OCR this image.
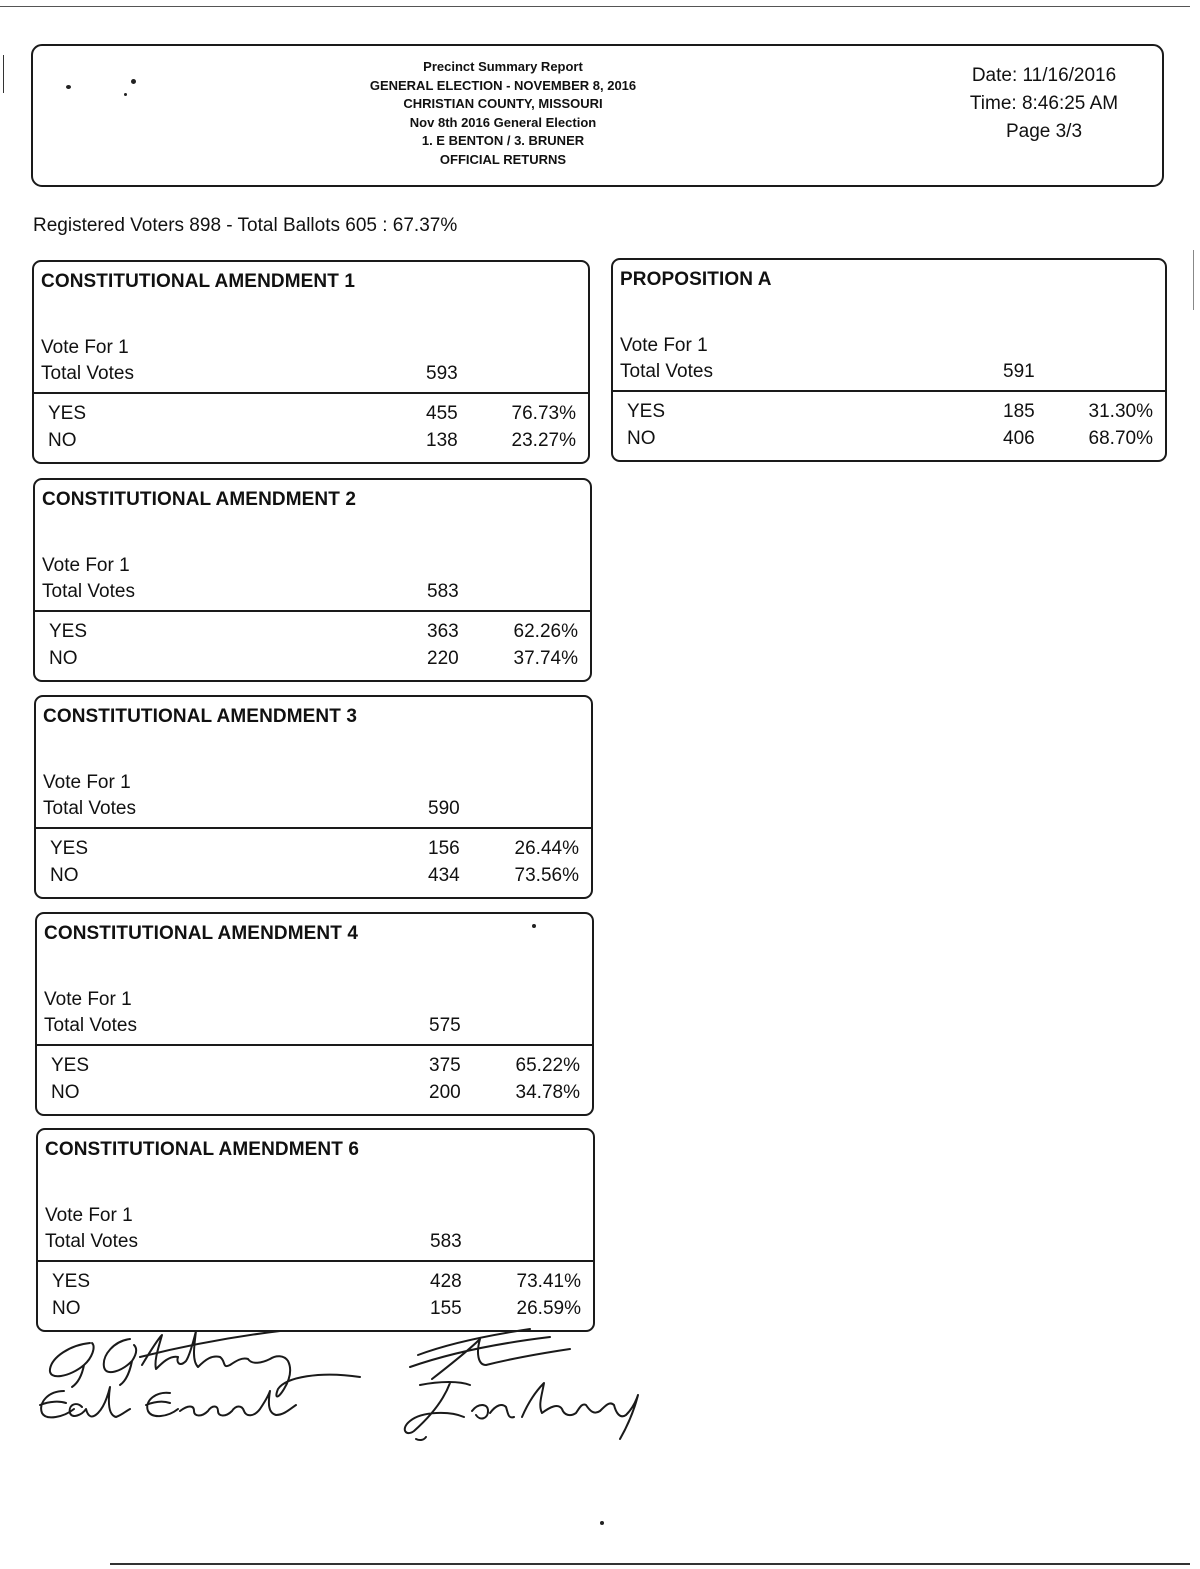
Precinct Summary Report
GENERAL ELECTION - NOVEMBER 8, 2016
CHRISTIAN COUNTY, MISSOURI
Nov 8th 2016 General Election
1. E BENTON / 3. BRUNER
OFFICIAL RETURNS
Date: 11/16/2016
Time: 8:46:25 AM
Page 3/3
Registered Voters 898 - Total Ballots 605 : 67.37%
CONSTITUTIONAL AMENDMENT 1
Vote For 1
Total Votes	593
YES	455	76.73%
NO	138	23.27%
CONSTITUTIONAL AMENDMENT 2
Vote For 1
Total Votes	583
YES	363	62.26%
NO	220	37.74%
CONSTITUTIONAL AMENDMENT 3
Vote For 1
Total Votes	590
YES	156	26.44%
NO	434	73.56%
CONSTITUTIONAL AMENDMENT 4
Vote For 1
Total Votes	575
YES	375	65.22%
NO	200	34.78%
CONSTITUTIONAL AMENDMENT 6
Vote For 1
Total Votes	583
YES	428	73.41%
NO	155	26.59%
PROPOSITION A
Vote For 1
Total Votes	591
YES	185	31.30%
NO	406	68.70%
